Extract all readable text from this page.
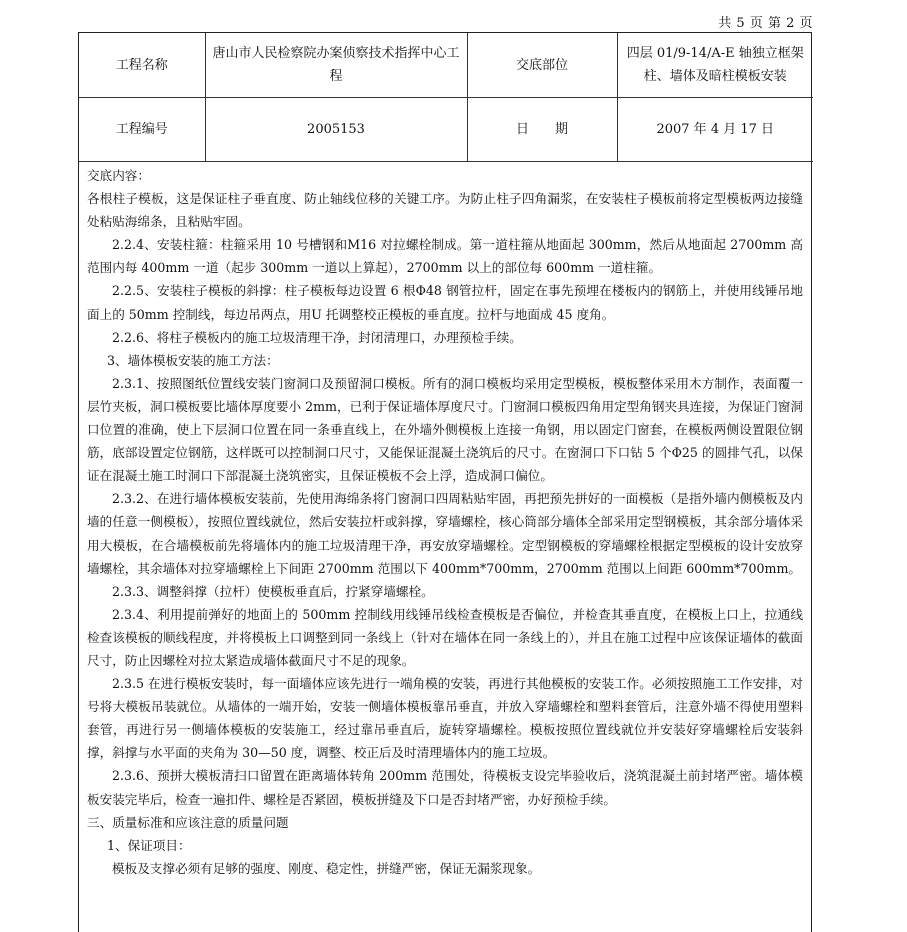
共 5 页 第 2 页
工程名称	唐山市人民检察院办案侦察技术指挥中心工程	交底部位	四层 01/9-14/A-E 轴独立框架柱、墙体及暗柱模板安装
工程编号	2005153	日　　期	2007 年 4 月 17 日

交底内容：

各根柱子模板，这是保证柱子垂直度、防止轴线位移的关键工序。为防止柱子四角漏浆，在安装柱子模板前将定型模板两边接缝处粘贴海绵条，且粘贴牢固。

2.2.4、安装柱箍：柱箍采用 10 号槽钢和M16 对拉螺栓制成。第一道柱箍从地面起 300mm，然后从地面起 2700mm 高范围内每 400mm 一道（起步 300mm 一道以上算起），2700mm 以上的部位每 600mm 一道柱箍。

2.2.5、安装柱子模板的斜撑：柱子模板每边设置 6 根Φ48 钢管拉杆，固定在事先预埋在楼板内的钢筋上，并使用线锤吊地面上的 50mm 控制线，每边吊两点，用U 托调整校正模板的垂直度。拉杆与地面成 45 度角。

2.2.6、将柱子模板内的施工垃圾清理干净，封闭清理口，办理预检手续。

3、墙体模板安装的施工方法：

2.3.1、按照图纸位置线安装门窗洞口及预留洞口模板。所有的洞口模板均采用定型模板，模板整体采用木方制作，表面覆一层竹夹板，洞口模板要比墙体厚度要小 2mm，已利于保证墙体厚度尺寸。门窗洞口模板四角用定型角钢夹具连接，为保证门窗洞口位置的准确，使上下层洞口位置在同一条垂直线上，在外墙外侧模板上连接一角钢，用以固定门窗套，在模板两侧设置限位钢筋，底部设置定位钢筋，这样既可以控制洞口尺寸，又能保证混凝土浇筑后的尺寸。在窗洞口下口钻 5 个Φ25 的圆排气孔，以保证在混凝土施工时洞口下部混凝土浇筑密实，且保证模板不会上浮，造成洞口偏位。

2.3.2、在进行墙体模板安装前，先使用海绵条将门窗洞口四周粘贴牢固，再把预先拼好的一面模板（是指外墙内侧模板及内墙的任意一侧模板），按照位置线就位，然后安装拉杆或斜撑，穿墙螺栓，核心筒部分墙体全部采用定型钢模板，其余部分墙体采用大模板，在合墙模板前先将墙体内的施工垃圾清理干净，再安放穿墙螺栓。定型钢模板的穿墙螺栓根据定型模板的设计安放穿墙螺栓，其余墙体对拉穿墙螺栓上下间距 2700mm 范围以下 400mm*700mm，2700mm 范围以上间距 600mm*700mm。

2.3.3、调整斜撑（拉杆）使模板垂直后，拧紧穿墙螺栓。

2.3.4、利用提前弹好的地面上的 500mm 控制线用线锤吊线检查模板是否偏位，并检查其垂直度，在模板上口上，拉通线检查该模板的顺线程度，并将模板上口调整到同一条线上（针对在墙体在同一条线上的），并且在施工过程中应该保证墙体的截面尺寸，防止因螺栓对拉太紧造成墙体截面尺寸不足的现象。

2.3.5 在进行模板安装时，每一面墙体应该先进行一端角模的安装，再进行其他模板的安装工作。必须按照施工工作安排，对号将大模板吊装就位。从墙体的一端开始，安装一侧墙体模板靠吊垂直，并放入穿墙螺栓和塑料套管后，注意外墙不得使用塑料套管，再进行另一侧墙体模板的安装施工，经过靠吊垂直后，旋转穿墙螺栓。模板按照位置线就位并安装好穿墙螺栓后安装斜撑，斜撑与水平面的夹角为 30—50 度，调整、校正后及时清理墙体内的施工垃圾。

2.3.6、预拼大模板清扫口留置在距离墙体转角 200mm 范围处，待模板支设完毕验收后，浇筑混凝土前封堵严密。墙体模板安装完毕后，检查一遍扣件、螺栓是否紧固，模板拼缝及下口是否封堵严密，办好预检手续。

三、质量标准和应该注意的质量问题

1、保证项目：

模板及支撑必须有足够的强度、刚度、稳定性，拼缝严密，保证无漏浆现象。
